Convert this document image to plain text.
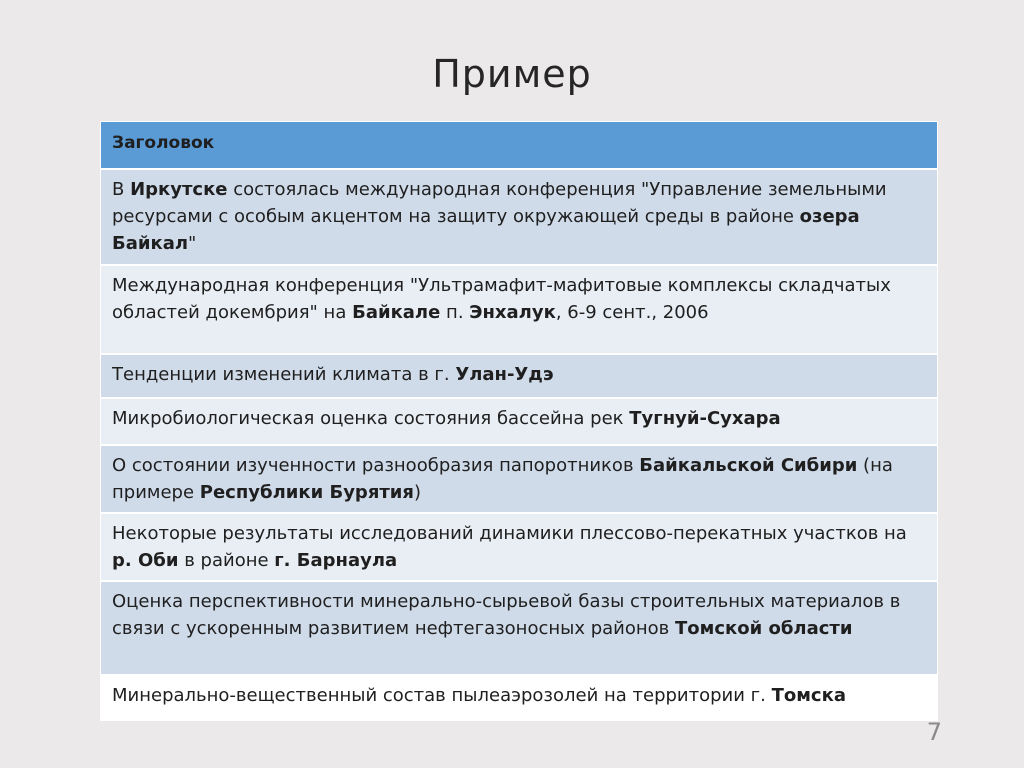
Пример
Заголовок
В Иркутске состоялась международная конференция "Управление земельными ресурсами с особым акцентом на защиту окружающей среды в районе озера Байкал"
Международная конференция "Ультрамафит-мафитовые комплексы складчатых областей докембрия" на Байкале п. Энхалук, 6-9 сент., 2006
Тенденции изменений климата в г. Улан-Удэ
Микробиологическая оценка состояния бассейна рек Тугнуй-Сухара
О состоянии изученности разнообразия папоротников Байкальской Сибири (на примере Республики Бурятия)
Некоторые результаты исследований динамики плессово-перекатных участков на р. Оби в районе г. Барнаула
Оценка перспективности минерально-сырьевой базы строительных материалов в связи с ускоренным развитием нефтегазоносных районов Томской области
Минерально-вещественный состав пылеаэрозолей на территории г. Томска
7
